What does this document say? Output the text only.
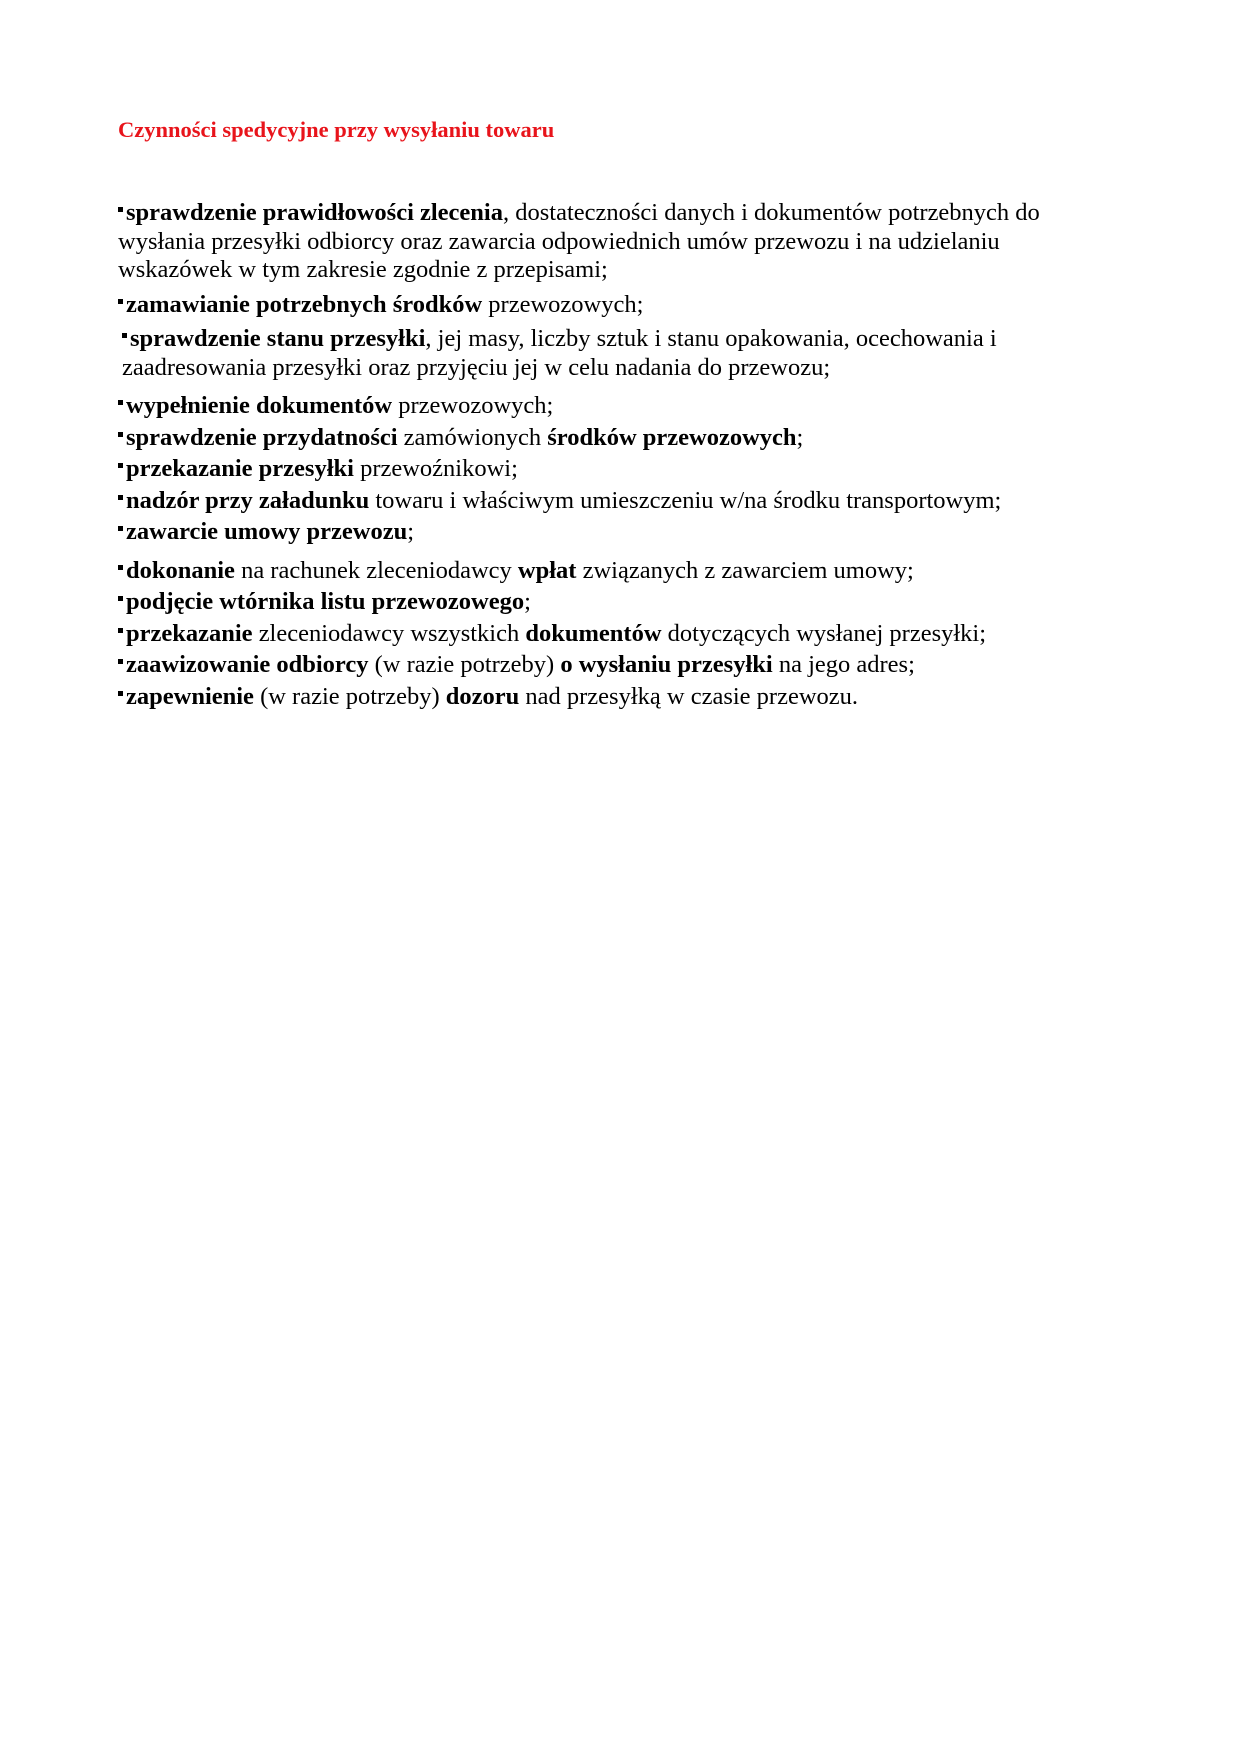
Czynności spedycyjne przy wysyłaniu towaru
sprawdzenie prawidłowości zlecenia, dostateczności danych i dokumentów potrzebnych do wysłania przesyłki odbiorcy oraz zawarcia odpowiednich umów przewozu i na udzielaniu wskazówek w tym zakresie zgodnie z przepisami;
zamawianie potrzebnych środków przewozowych;
sprawdzenie stanu przesyłki, jej masy, liczby sztuk i stanu opakowania, ocechowania i zaadresowania przesyłki oraz przyjęciu jej w celu nadania do przewozu;
wypełnienie dokumentów przewozowych;
sprawdzenie przydatności zamówionych środków przewozowych;
przekazanie przesyłki przewoźnikowi;
nadzór przy załadunku towaru i właściwym umieszczeniu w/na środku transportowym;
zawarcie umowy przewozu;
dokonanie na rachunek zleceniodawcy wpłat związanych z zawarciem umowy;
podjęcie wtórnika listu przewozowego;
przekazanie zleceniodawcy wszystkich dokumentów dotyczących wysłanej przesyłki;
zaawizowanie odbiorcy (w razie potrzeby) o wysłaniu przesyłki na jego adres;
zapewnienie (w razie potrzeby) dozoru nad przesyłką w czasie przewozu.
